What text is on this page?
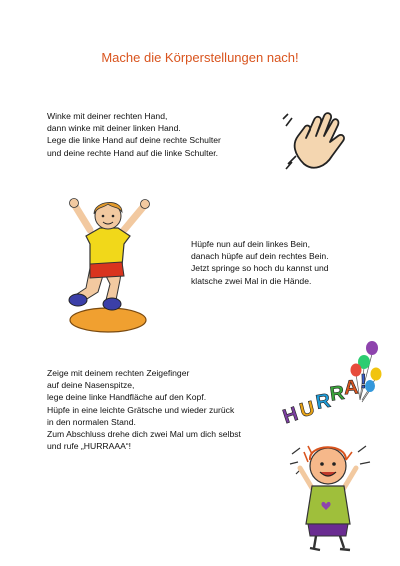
Mache die Körperstellungen nach!
Winke mit deiner rechten Hand,
dann winke mit deiner linken Hand.
Lege die linke Hand auf deine rechte Schulter
und deine rechte Hand auf die linke Schulter.
Hüpfe nun auf dein linkes Bein,
danach hüpfe auf dein rechtes Bein.
Jetzt springe so hoch du kannst und
klatsche zwei Mal in die Hände.
Zeige mit deinem rechten Zeigefinger
auf deine Nasenspitze,
lege deine linke Handfläche auf den Kopf.
Hüpfe in eine leichte Grätsche und wieder zurück
in den normalen Stand.
Zum Abschluss drehe dich zwei Mal um dich selbst
und rufe „HURRAAA“!
H
U
R
R
A !
